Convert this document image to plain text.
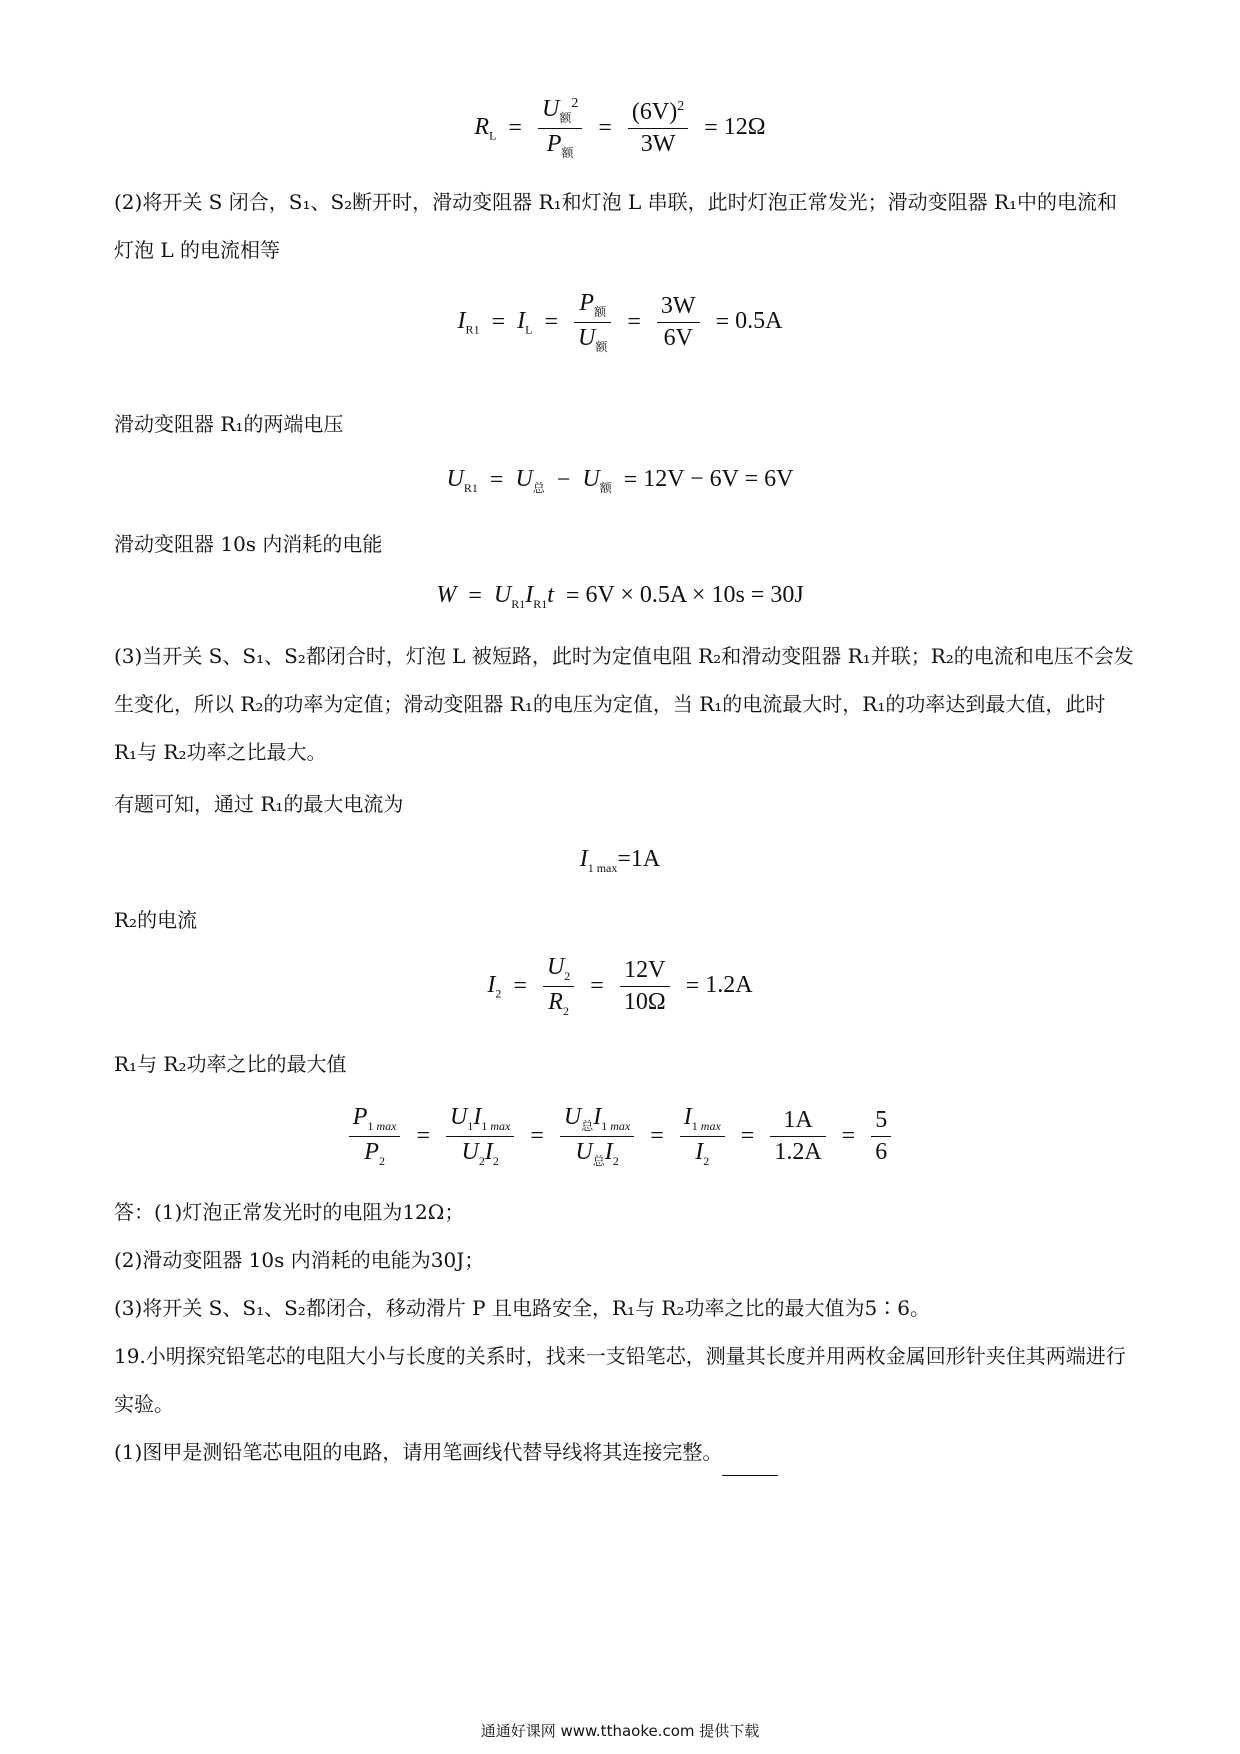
$R_L = \frac{U_额^2}{P_额} = \frac{(6V)^2}{3W} = 12\Omega$

(2)将开关 S 闭合，S₁、S₂断开时，滑动变阻器 R₁和灯泡 L 串联，此时灯泡正常发光；滑动变阻器 R₁中的电流和灯泡 L 的电流相等

$I_{R1} = I_L = \frac{P_额}{U_额} = \frac{3W}{6V} = 0.5A$

滑动变阻器 R₁的两端电压

$U_{R1} = U_总 - U_额 = 12V - 6V = 6V$

滑动变阻器 10s 内消耗的电能

$W = U_{R1}I_{R1}t = 6V \times 0.5A \times 10s = 30J$

(3)当开关 S、S₁、S₂都闭合时，灯泡 L 被短路，此时为定值电阻 R₂和滑动变阻器 R₁并联；R₂的电流和电压不会发生变化，所以 R₂的功率为定值；滑动变阻器 R₁的电压为定值，当 R₁的电流最大时，R₁的功率达到最大值，此时 R₁与 R₂功率之比最大。

有题可知，通过 R₁的最大电流为

$I_{1 max}=1A$

R₂的电流

$I_2 = \frac{U_2}{R_2} = \frac{12V}{10\Omega} = 1.2A$

R₁与 R₂功率之比的最大值

$\frac{P_{1 max}}{P_2} = \frac{U_1I_{1 max}}{U_2I_2} = \frac{U_总I_{1 max}}{U_总I_2} = \frac{I_{1 max}}{I_2} = \frac{1A}{1.2A} = \frac{5}{6}$

答：(1)灯泡正常发光时的电阻为12Ω；

(2)滑动变阻器 10s 内消耗的电能为30J；

(3)将开关 S、S₁、S₂都闭合，移动滑片 P 且电路安全，R₁与 R₂功率之比的最大值为5∶6。

19.小明探究铅笔芯的电阻大小与长度的关系时，找来一支铅笔芯，测量其长度并用两枚金属回形针夹住其两端进行实验。

(1)图甲是测铅笔芯电阻的电路，请用笔画线代替导线将其连接完整。

通通好课网 www.tthaoke.com 提供下载
